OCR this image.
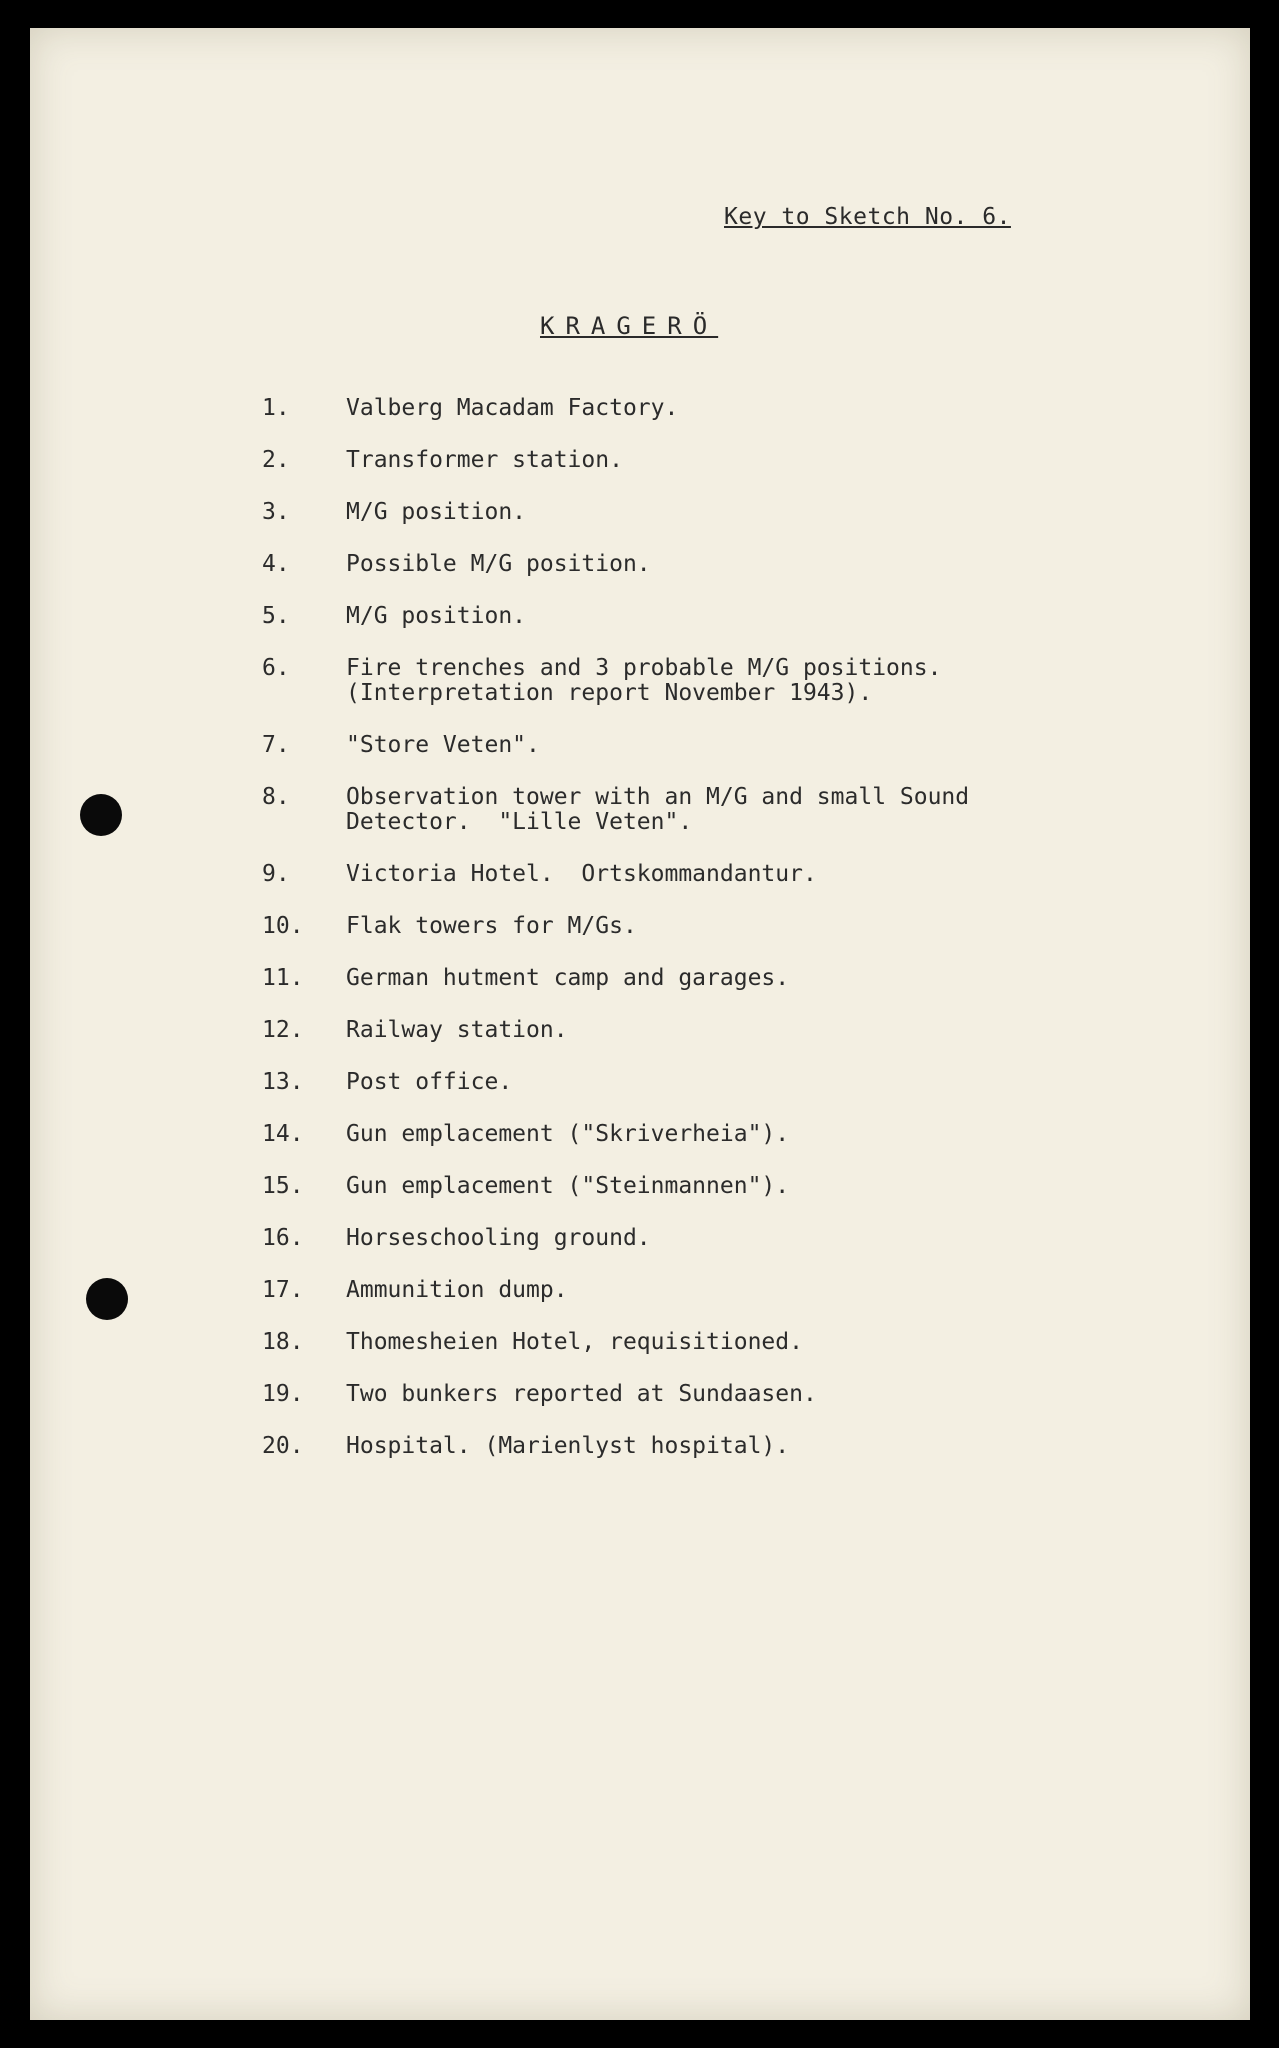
Key to Sketch No. 6.
KRAGERÖ
1.	Valberg Macadam Factory.
2.	Transformer station.
3.	M/G position.
4.	Possible M/G position.
5.	M/G position.
6.	Fire trenches and 3 probable M/G positions.
(Interpretation report November 1943).
7.	"Store Veten".
8.	Observation tower with an M/G and small Sound
Detector.  "Lille Veten".
9.	Victoria Hotel.  Ortskommandantur.
10.	Flak towers for M/Gs.
11.	German hutment camp and garages.
12.	Railway station.
13.	Post office.
14.	Gun emplacement ("Skriverheia").
15.	Gun emplacement ("Steinmannen").
16.	Horseschooling ground.
17.	Ammunition dump.
18.	Thomesheien Hotel, requisitioned.
19.	Two bunkers reported at Sundaasen.
20.	Hospital. (Marienlyst hospital).
